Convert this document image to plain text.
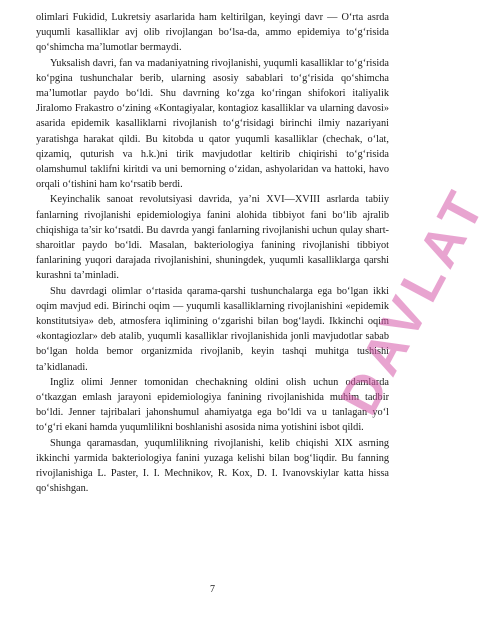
olimlari Fukidid, Lukretsiy asarlarida ham keltirilgan, keyingi davr — O‘rta asrda yuqumli kasalliklar avj olib rivojlangan bo‘lsa-da, ammo epidemiya to‘g‘risida qo‘shimcha ma’lumotlar bermaydi.

Yuksalish davri, fan va madaniyatning rivojlanishi, yuqumli kasalliklar to‘g‘risida ko‘pgina tushunchalar berib, ularning asosiy sabablari to‘g‘risida qo‘shimcha ma’lumotlar paydo bo‘ldi. Shu davrning ko‘zga ko‘ringan shifokori italiyalik Jiralomo Frakastro o‘zining «Kontagiyalar, kontagioz kasalliklar va ularning davosi» asarida epidemik kasalliklarni rivojlanish to‘g‘risidagi birinchi ilmiy nazariyani yaratishga harakat qildi. Bu kitobda u qator yuqumli kasalliklar (chechak, o‘lat, qizamiq, quturish va h.k.)ni tirik mavjudotlar keltirib chiqirishi to‘g‘risida olamshumul taklifni kiritdi va uni bemorning o‘zidan, ashyolaridan va hattoki, havo orqali o‘tishini ham ko‘rsatib berdi.

Keyinchalik sanoat revolutsiyasi davrida, ya’ni XVI—XVIII asrlarda tabiiy fanlarning rivojlanishi epidemiologiya fanini alohida tibbiyot fani bo‘lib ajralib chiqishiga ta’sir ko‘rsatdi. Bu davrda yangi fanlarning rivojlanishi uchun qulay shart-sharoitlar paydo bo‘ldi. Masalan, bakteriologiya fanining rivojlanishi tibbiyot fanlarining yuqori darajada rivojlanishini, shuningdek, yuqumli kasalliklarga qarshi kurashni ta’minladi.

Shu davrdagi olimlar o‘rtasida qarama-qarshi tushunchalarga ega bo‘lgan ikki oqim mavjud edi. Birinchi oqim — yuqumli kasalliklarning rivojlanishini «epidemik konstitutsiya» deb, atmosfera iqlimining o‘zgarishi bilan bog‘laydi. Ikkinchi oqim «kontagiozlar» deb atalib, yuqumli kasalliklar rivojlanishida jonli mavjudotlar sabab bo‘lgan holda bemor organizmida rivojlanib, keyin tashqi muhitga tushishi ta’kidlanadi.

Ingliz olimi Jenner tomonidan chechakning oldini olish uchun odamlarda o‘tkazgan emlash jarayoni epidemiologiya fanining rivojlanishida muhim tadbir bo‘ldi. Jenner tajribalari jahonshumul ahamiyatga ega bo‘ldi va u tanlagan yo‘l to‘g‘ri ekani hamda yuqumlilikni boshlanishi asosida nima yotishini isbot qildi.

Shunga qaramasdan, yuqumlilikning rivojlanishi, kelib chiqishi XIX asrning ikkinchi yarmida bakteriologiya fanini yuzaga kelishi bilan bog‘liqdir. Bu fanning rivojlanishiga L. Paster, I. I. Mechnikov, R. Kox, D. I. Ivanovskiylar katta hissa qo‘shishgan.

DAVLAT
7
